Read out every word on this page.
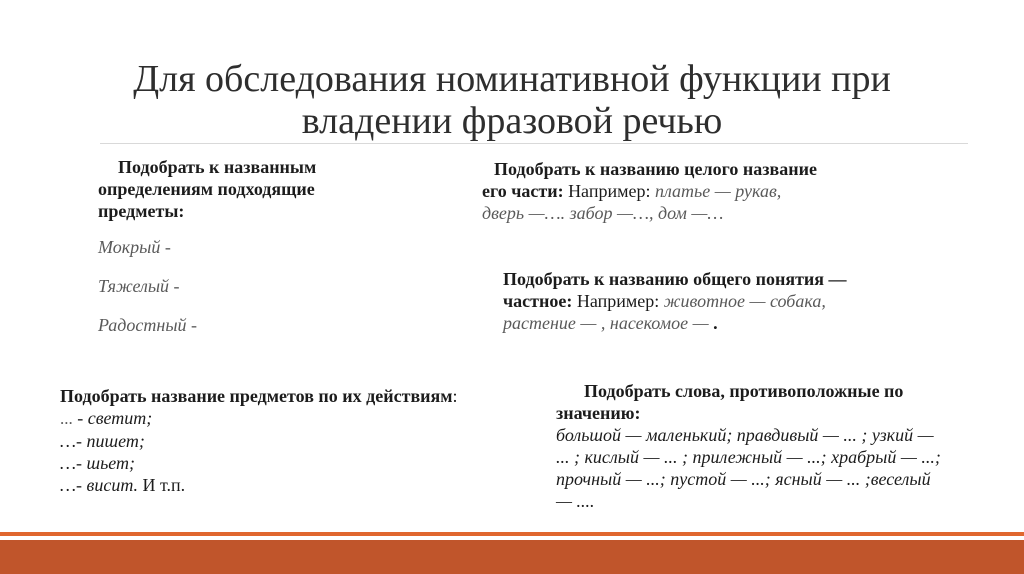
Для обследования номинативной функции при
владении фразовой речью
Подобрать к названным
определениям подходящие
предметы:
Мокрый -
Тяжелый -
Радостный -
Подобрать к названию целого название
его части: Например: платье — рукав,
дверь —…. забор —…, дом —…
Подобрать к названию общего понятия —
частное: Например: животное — собака,
растение — , насекомое — .
Подобрать название предметов по их действиям:
... - светит;
…- пишет;
…- шьет;
…- висит. И т.п.
Подобрать слова, противоположные по
значению:
большой — маленький; правдивый — ... ; узкий —
... ; кислый — ... ; прилежный — ...; храбрый — ...;
прочный — ...; пустой — ...; ясный — ... ;веселый
— ....
